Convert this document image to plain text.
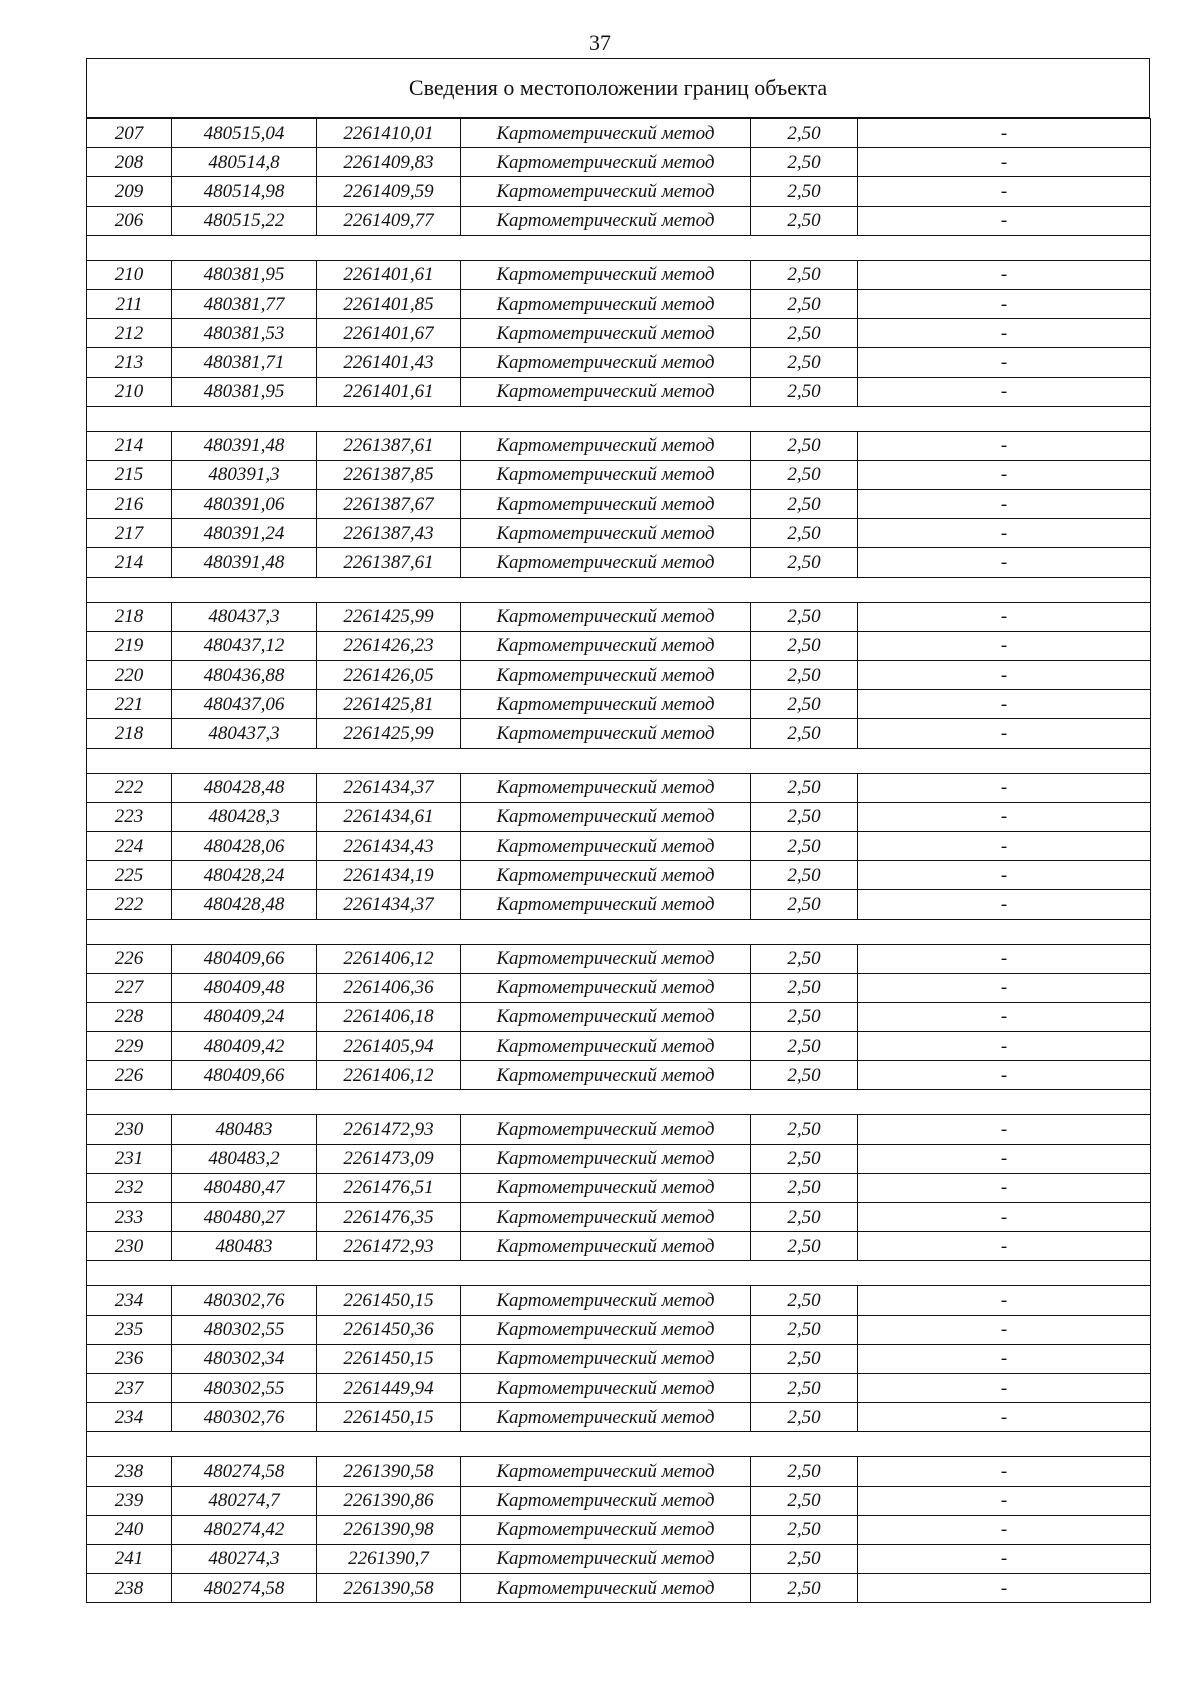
37
Сведения о местоположении границ объекта
207	480515,04	2261410,01	Картометрический метод	2,50	-
208	480514,8	2261409,83	Картометрический метод	2,50	-
209	480514,98	2261409,59	Картометрический метод	2,50	-
206	480515,22	2261409,77	Картометрический метод	2,50	-

210	480381,95	2261401,61	Картометрический метод	2,50	-
211	480381,77	2261401,85	Картометрический метод	2,50	-
212	480381,53	2261401,67	Картометрический метод	2,50	-
213	480381,71	2261401,43	Картометрический метод	2,50	-
210	480381,95	2261401,61	Картометрический метод	2,50	-

214	480391,48	2261387,61	Картометрический метод	2,50	-
215	480391,3	2261387,85	Картометрический метод	2,50	-
216	480391,06	2261387,67	Картометрический метод	2,50	-
217	480391,24	2261387,43	Картометрический метод	2,50	-
214	480391,48	2261387,61	Картометрический метод	2,50	-

218	480437,3	2261425,99	Картометрический метод	2,50	-
219	480437,12	2261426,23	Картометрический метод	2,50	-
220	480436,88	2261426,05	Картометрический метод	2,50	-
221	480437,06	2261425,81	Картометрический метод	2,50	-
218	480437,3	2261425,99	Картометрический метод	2,50	-

222	480428,48	2261434,37	Картометрический метод	2,50	-
223	480428,3	2261434,61	Картометрический метод	2,50	-
224	480428,06	2261434,43	Картометрический метод	2,50	-
225	480428,24	2261434,19	Картометрический метод	2,50	-
222	480428,48	2261434,37	Картометрический метод	2,50	-

226	480409,66	2261406,12	Картометрический метод	2,50	-
227	480409,48	2261406,36	Картометрический метод	2,50	-
228	480409,24	2261406,18	Картометрический метод	2,50	-
229	480409,42	2261405,94	Картометрический метод	2,50	-
226	480409,66	2261406,12	Картометрический метод	2,50	-

230	480483	2261472,93	Картометрический метод	2,50	-
231	480483,2	2261473,09	Картометрический метод	2,50	-
232	480480,47	2261476,51	Картометрический метод	2,50	-
233	480480,27	2261476,35	Картометрический метод	2,50	-
230	480483	2261472,93	Картометрический метод	2,50	-

234	480302,76	2261450,15	Картометрический метод	2,50	-
235	480302,55	2261450,36	Картометрический метод	2,50	-
236	480302,34	2261450,15	Картометрический метод	2,50	-
237	480302,55	2261449,94	Картометрический метод	2,50	-
234	480302,76	2261450,15	Картометрический метод	2,50	-

238	480274,58	2261390,58	Картометрический метод	2,50	-
239	480274,7	2261390,86	Картометрический метод	2,50	-
240	480274,42	2261390,98	Картометрический метод	2,50	-
241	480274,3	2261390,7	Картометрический метод	2,50	-
238	480274,58	2261390,58	Картометрический метод	2,50	-
